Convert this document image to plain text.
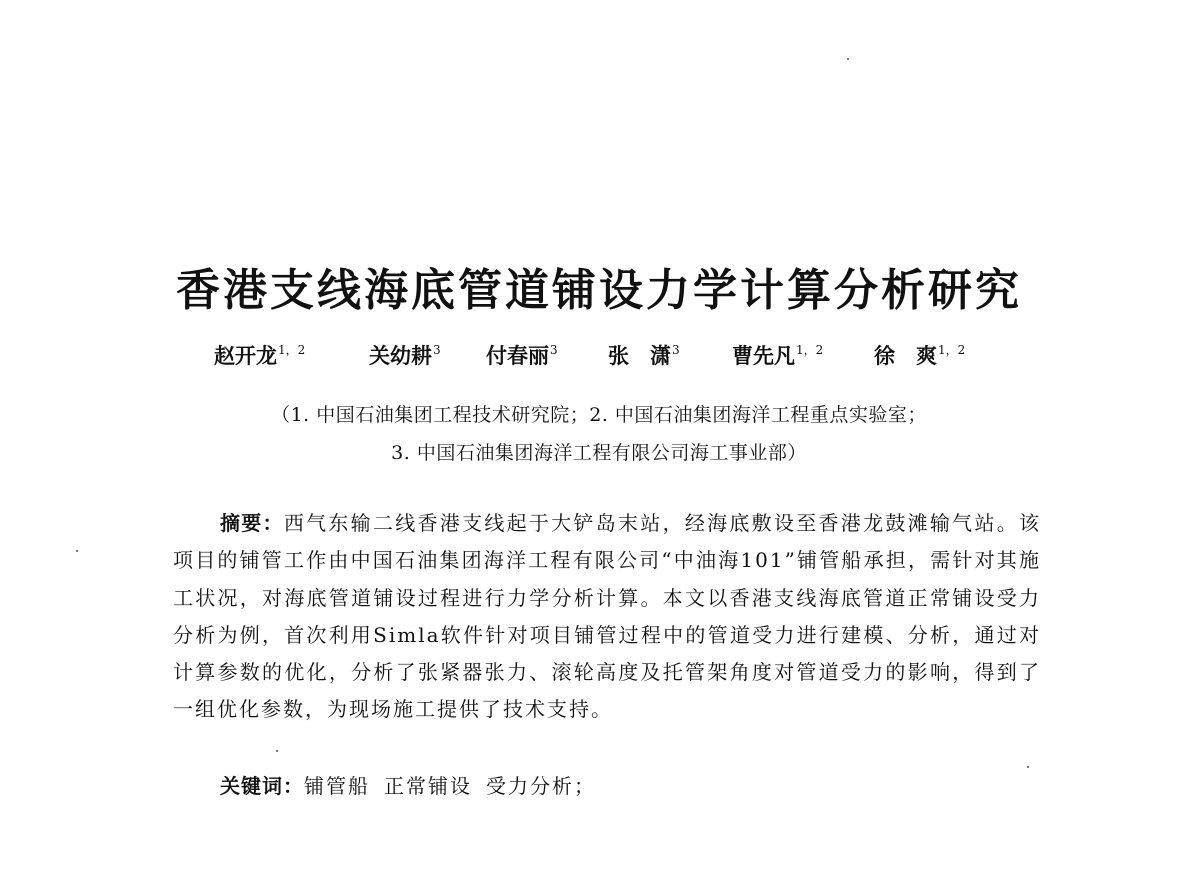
香港支线海底管道铺设力学计算分析研究
赵开龙$^{1,2}$	关幼耕$^3$ 付春丽$^3$ 张　潇$^3$ 曹先凡$^{1,2}$ 徐　爽$^{1,2}$
（1. 中国石油集团工程技术研究院；2. 中国石油集团海洋工程重点实验室；
3. 中国石油集团海洋工程有限公司海工事业部）

摘要：西气东输二线香港支线起于大铲岛末站，经海底敷设至香港龙鼓滩输气站。该项目的铺管工作由中国石油集团海洋工程有限公司“中油海101”铺管船承担，需针对其施工状况，对海底管道铺设过程进行力学分析计算。本文以香港支线海底管道正常铺设受力分析为例，首次利用Simla软件针对项目铺管过程中的管道受力进行建模、分析，通过对计算参数的优化，分析了张紧器张力、滚轮高度及托管架角度对管道受力的影响，得到了一组优化参数，为现场施工提供了技术支持。

关键词：铺管船 正常铺设 受力分析；
